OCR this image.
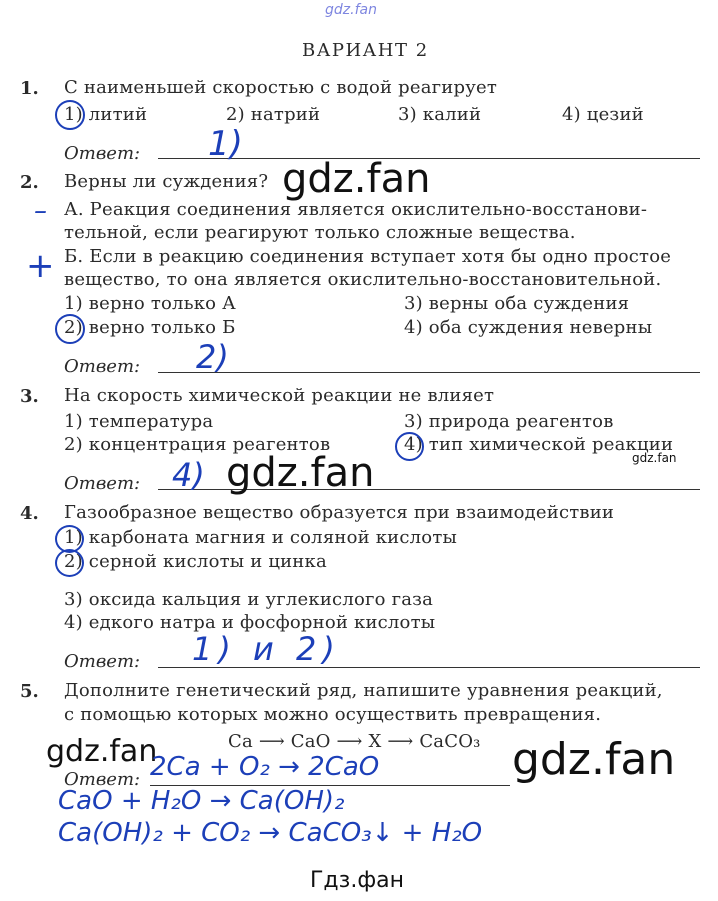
gdz.fan
ВАРИАНТ 2
1. С наименьшей скоростью с водой реагирует
1) литий	2) натрий	3) калий	4) цезий
Ответ: 1)
2. Верны ли суждения? gdz.fan
– А. Реакция соединения является окислительно-восстанови-
тельной, если реагируют только сложные вещества.
+ Б. Если в реакцию соединения вступает хотя бы одно простое
вещество, то она является окислительно-восстановительной.
1) верно только А	3) верны оба суждения
2) верно только Б	4) оба суждения неверны
Ответ: 2)
3. На скорость химической реакции не влияет
1) температура	3) природа реагентов
2) концентрация реагентов	4) тип химической реакции
gdz.fan
Ответ: 4) gdz.fan
4. Газообразное вещество образуется при взаимодействии
1) карбоната магния и соляной кислоты
2) серной кислоты и цинка
3) оксида кальция и углекислого газа
4) едкого натра и фосфорной кислоты
Ответ: 1) и 2)
5. Дополните генетический ряд, напишите уравнения реакций,
с помощью которых можно осуществить превращения.
Ca ⟶ CaO ⟶ X ⟶ CaCO₃
gdz.fan	gdz.fan
Ответ: 2Ca + O₂ → 2CaO
CaO + H₂O → Ca(OH)₂
Ca(OH)₂ + CO₂ → CaCO₃↓ + H₂O
Гдз.фан
